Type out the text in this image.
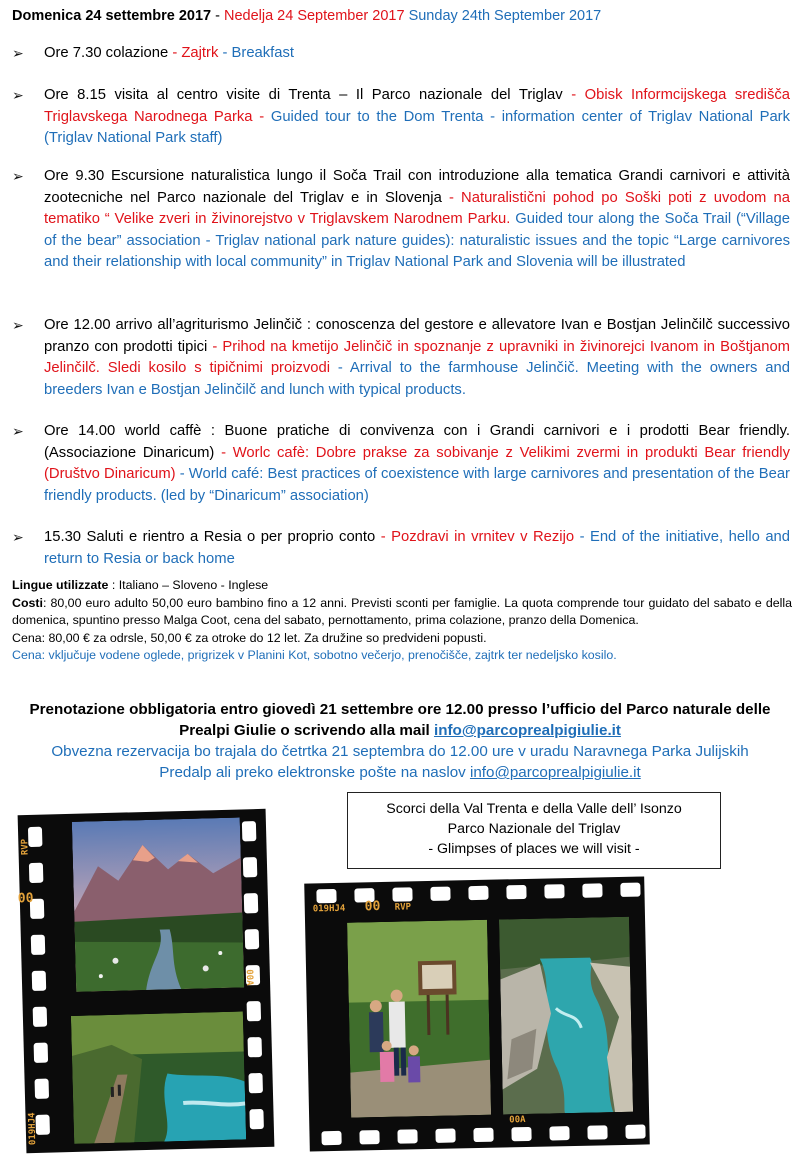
Domenica 24 settembre 2017 - Nedelja 24 September 2017 Sunday 24th September 2017
➢ Ore 7.30 colazione - Zajtrk - Breakfast
➢ Ore 8.15 visita al centro visite di Trenta – Il Parco nazionale del Triglav - Obisk Informcijskega središča Triglavskega Narodnega Parka - Guided tour to the Dom Trenta - information center of Triglav National Park (Triglav National Park staff)
➢ Ore 9.30 Escursione naturalistica lungo il Soča Trail con introduzione alla tematica Grandi carnivori e attività zootecniche nel Parco nazionale del Triglav e in Slovenja - Naturalistični pohod po Soški poti z uvodom na tematiko “ Velike zveri in živinorejstvo v Triglavskem Narodnem Parku. Guided tour along the Soča Trail (“Village of the bear” association - Triglav national park nature guides): naturalistic issues and the topic “Large carnivores and their relationship with local community” in Triglav National Park and Slovenia will be illustrated
➢ Ore 12.00 arrivo all’agriturismo Jelinčič : conoscenza del gestore e allevatore Ivan e Bostjan Jelinčilč successivo pranzo con prodotti tipici - Prihod na kmetijo Jelinčič in spoznanje z upravniki in živinorejci Ivanom in Boštjanom Jelinčilč. Sledi kosilo s tipičnimi proizvodi - Arrival to the farmhouse Jelinčič. Meeting with the owners and breeders Ivan e Bostjan Jelinčilč and lunch with typical products.
➢ Ore 14.00 world caffè : Buone pratiche di convivenza con i Grandi carnivori e i prodotti Bear friendly. (Associazione Dinaricum) - Worlc cafè: Dobre prakse za sobivanje z Velikimi zvermi in produkti Bear friendly (Društvo Dinaricum) - World café: Best practices of coexistence with large carnivores and presentation of the Bear friendly products. (led by “Dinaricum” association)
➢ 15.30 Saluti e rientro a Resia o per proprio conto - Pozdravi in vrnitev v Rezijo - End of the initiative, hello and return to Resia or back home
Lingue utilizzate : Italiano – Sloveno - Inglese
Costi: 80,00 euro adulto 50,00 euro bambino fino a 12 anni. Previsti sconti per famiglie. La quota comprende tour guidato del sabato e della domenica, spuntino presso Malga Coot, cena del sabato, pernottamento, prima colazione, pranzo della Domenica.
Cena: 80,00 € za odrsle, 50,00 € za otroke do 12 let. Za družine so predvideni popusti.
Cena: vključuje vodene oglede, prigrizek v Planini Kot, sobotno večerjo, prenočišče, zajtrk ter nedeljsko kosilo.
Prenotazione obbligatoria entro giovedì 21 settembre ore 12.00 presso l’ufficio del Parco naturale delle
Prealpi Giulie o scrivendo alla mail info@parcoprealpigiulie.it
Obvezna rezervacija bo trajala do četrtka 21 septembra do 12.00 ure v uradu Naravnega Parka Julijskih
Predalp ali preko elektronske pošte na naslov info@parcoprealpigiulie.it
Scorci della Val Trenta e della Valle dell’ Isonzo
Parco Nazionale del Triglav
- Glimpses of places we will visit -
RVP
00
00A
019HJ4
019HJ4 00 RVP
00A
